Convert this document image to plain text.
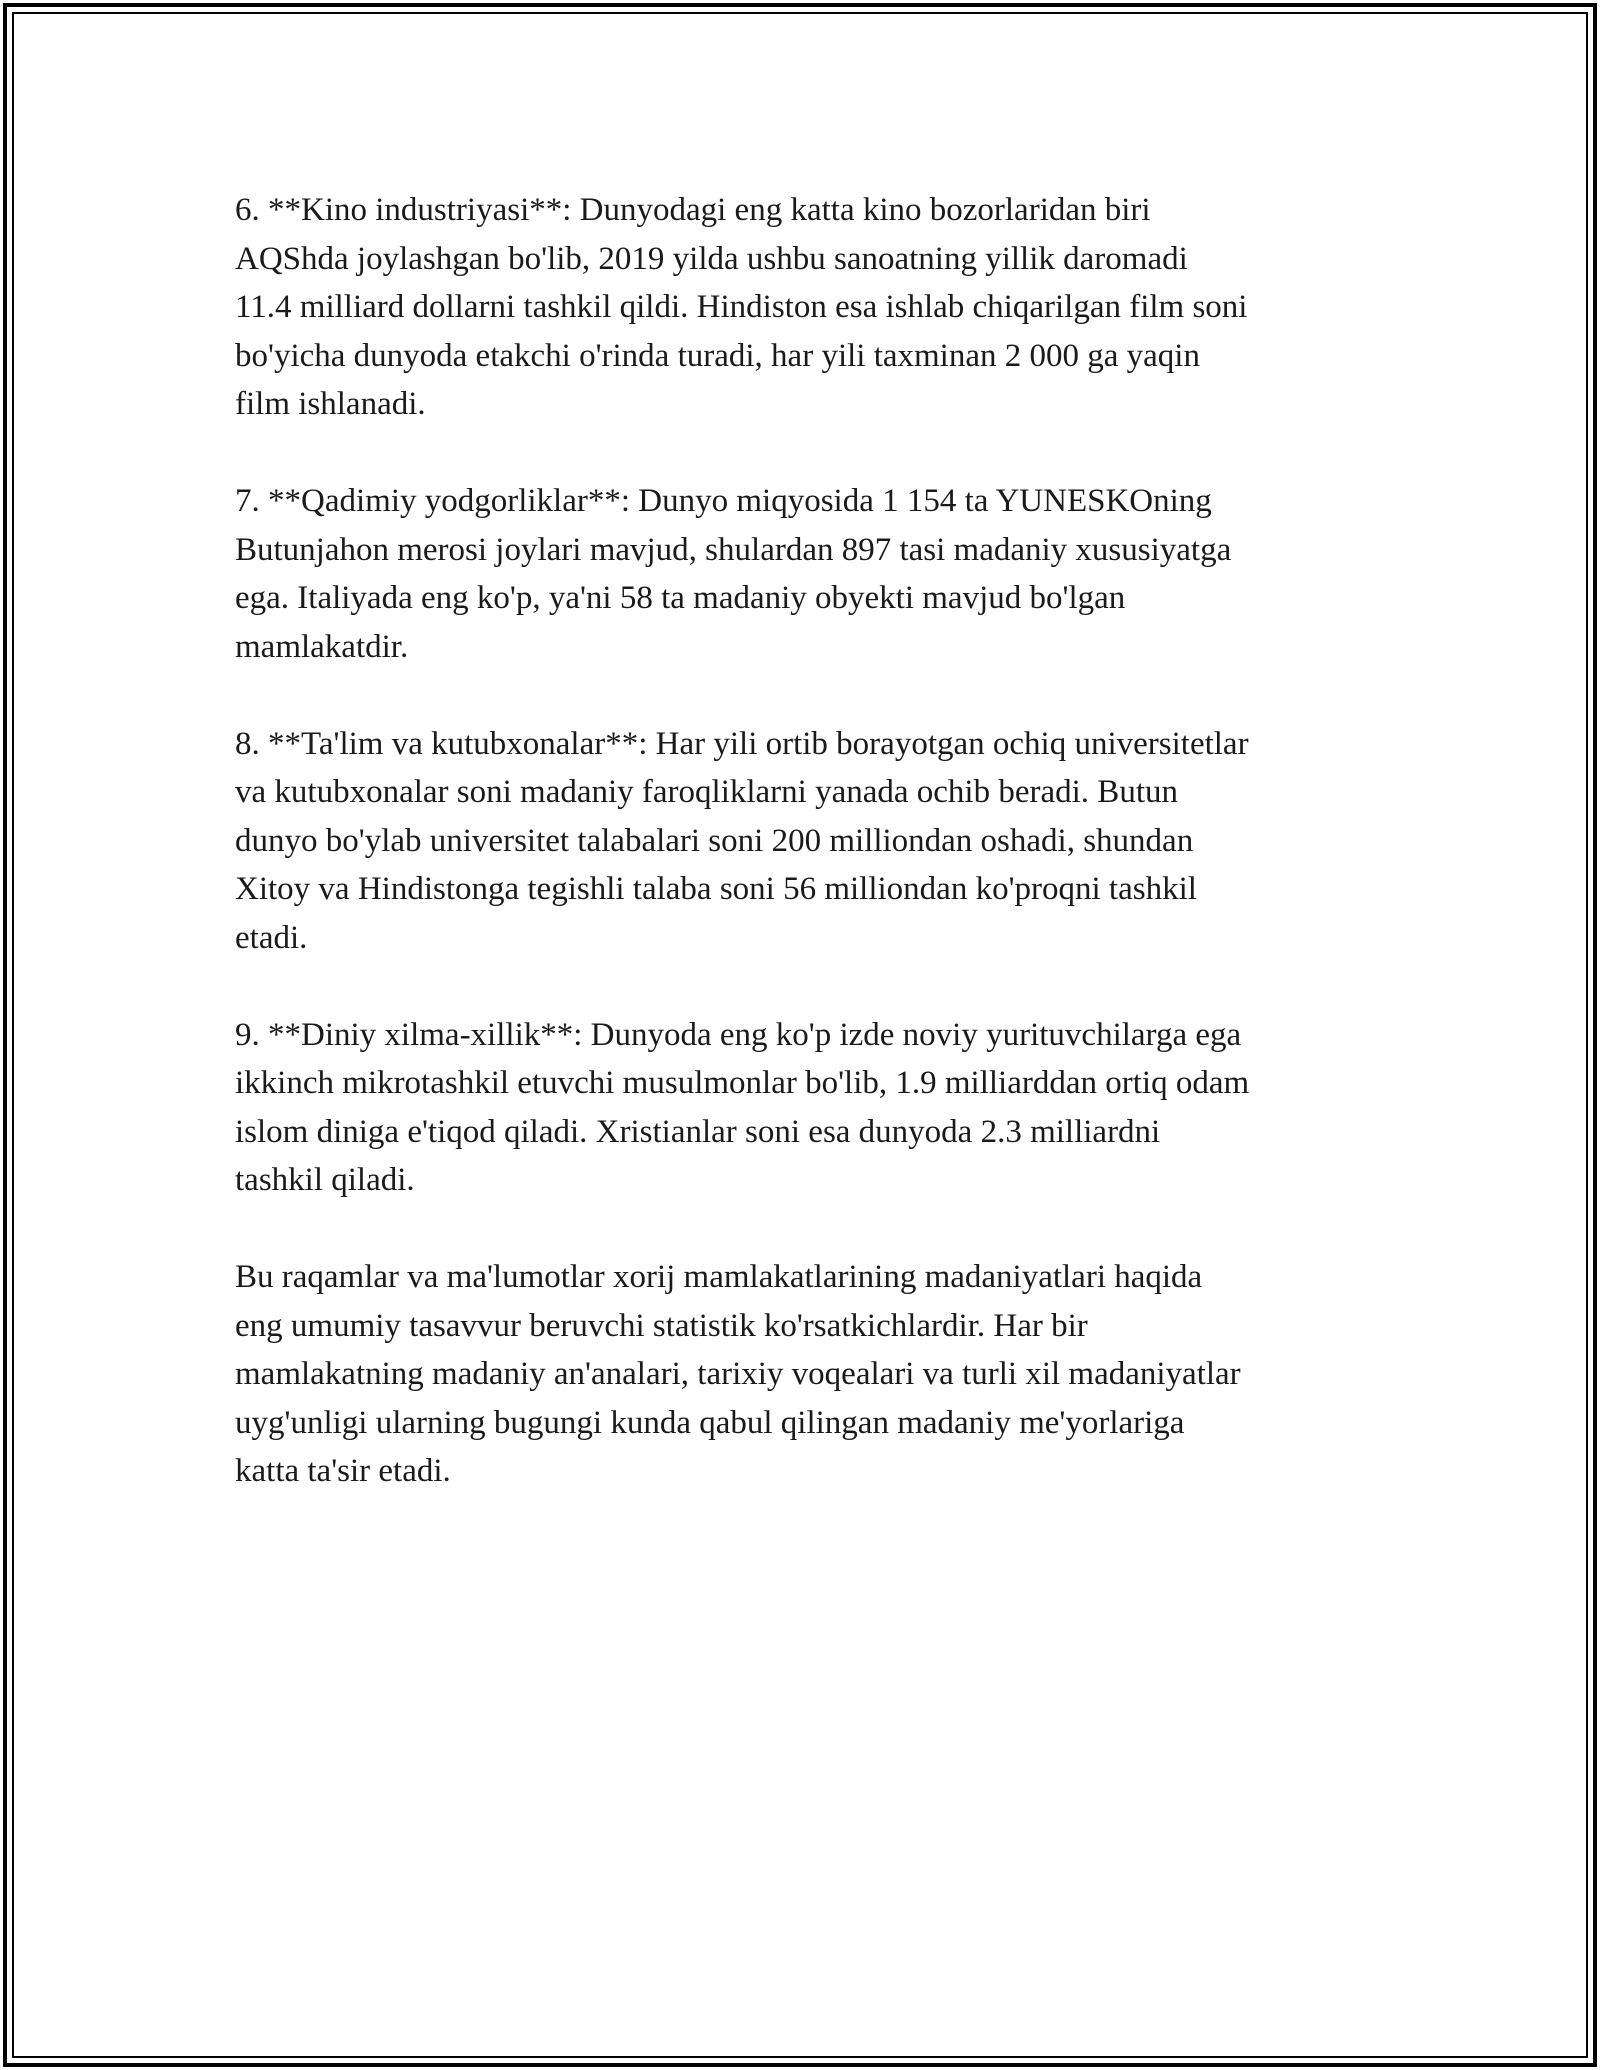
6. **Kino industriyasi**: Dunyodagi eng katta kino bozorlaridan biri
AQShda joylashgan bo'lib, 2019 yilda ushbu sanoatning yillik daromadi
11.4 milliard dollarni tashkil qildi. Hindiston esa ishlab chiqarilgan film soni
bo'yicha dunyoda etakchi o'rinda turadi, har yili taxminan 2 000 ga yaqin
film ishlanadi.

7. **Qadimiy yodgorliklar**: Dunyo miqyosida 1 154 ta YUNESKOning
Butunjahon merosi joylari mavjud, shulardan 897 tasi madaniy xususiyatga
ega. Italiyada eng ko'p, ya'ni 58 ta madaniy obyekti mavjud bo'lgan
mamlakatdir.

8. **Ta'lim va kutubxonalar**: Har yili ortib borayotgan ochiq universitetlar
va kutubxonalar soni madaniy faroqliklarni yanada ochib beradi. Butun
dunyo bo'ylab universitet talabalari soni 200 milliondan oshadi, shundan
Xitoy va Hindistonga tegishli talaba soni 56 milliondan ko'proqni tashkil
etadi.

9. **Diniy xilma-xillik**: Dunyoda eng ko'p izde noviy yurituvchilarga ega
ikkinch mikrotashkil etuvchi musulmonlar bo'lib, 1.9 milliarddan ortiq odam
islom diniga e'tiqod qiladi. Xristianlar soni esa dunyoda 2.3 milliardni
tashkil qiladi.

Bu raqamlar va ma'lumotlar xorij mamlakatlarining madaniyatlari haqida
eng umumiy tasavvur beruvchi statistik ko'rsatkichlardir. Har bir
mamlakatning madaniy an'analari, tarixiy voqealari va turli xil madaniyatlar
uyg'unligi ularning bugungi kunda qabul qilingan madaniy me'yorlariga
katta ta'sir etadi.
